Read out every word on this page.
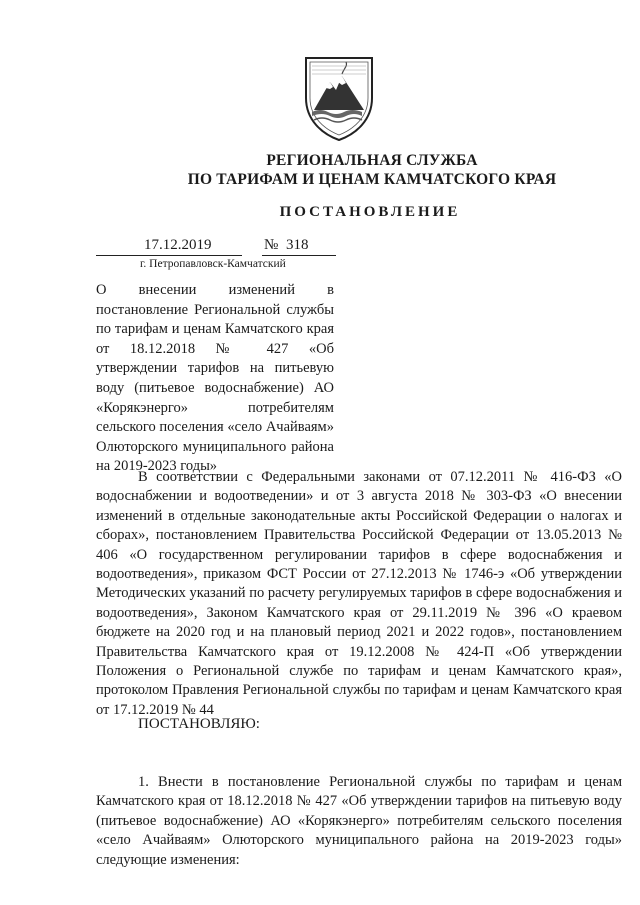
РЕГИОНАЛЬНАЯ СЛУЖБА
ПО ТАРИФАМ И ЦЕНАМ КАМЧАТСКОГО КРАЯ
ПОСТАНОВЛЕНИЕ
17.12.2019	№ 318
г. Петропавловск-Камчатский
О внесении изменений в постановление Региональной службы по тарифам и ценам Камчатского края от 18.12.2018 № 427 «Об утверждении тарифов на питьевую воду (питьевое водоснабжение) АО «Корякэнерго» потребителям сельского поселения «село Ачайваям» Олюторского муниципального района на 2019-2023 годы»
В соответствии с Федеральными законами от 07.12.2011 № 416-ФЗ «О водоснабжении и водоотведении» и от 3 августа 2018 № 303-ФЗ «О внесении изменений в отдельные законодательные акты Российской Федерации о налогах и сборах», постановлением Правительства Российской Федерации от 13.05.2013 № 406 «О государственном регулировании тарифов в сфере водоснабжения и водоотведения», приказом ФСТ России от 27.12.2013 № 1746-э «Об утверждении Методических указаний по расчету регулируемых тарифов в сфере водоснабжения и водоотведения», Законом Камчатского края от 29.11.2019 № 396 «О краевом бюджете на 2020 год и на плановый период 2021 и 2022 годов», постановлением Правительства Камчатского края от 19.12.2008 № 424-П «Об утверждении Положения о Региональной службе по тарифам и ценам Камчатского края», протоколом Правления Региональной службы по тарифам и ценам Камчатского края от 17.12.2019 № 44
ПОСТАНОВЛЯЮ:
1. Внести в постановление Региональной службы по тарифам и ценам Камчатского края от 18.12.2018 № 427 «Об утверждении тарифов на питьевую воду (питьевое водоснабжение) АО «Корякэнерго» потребителям сельского поселения «село Ачайваям» Олюторского муниципального района на 2019-2023 годы» следующие изменения:
